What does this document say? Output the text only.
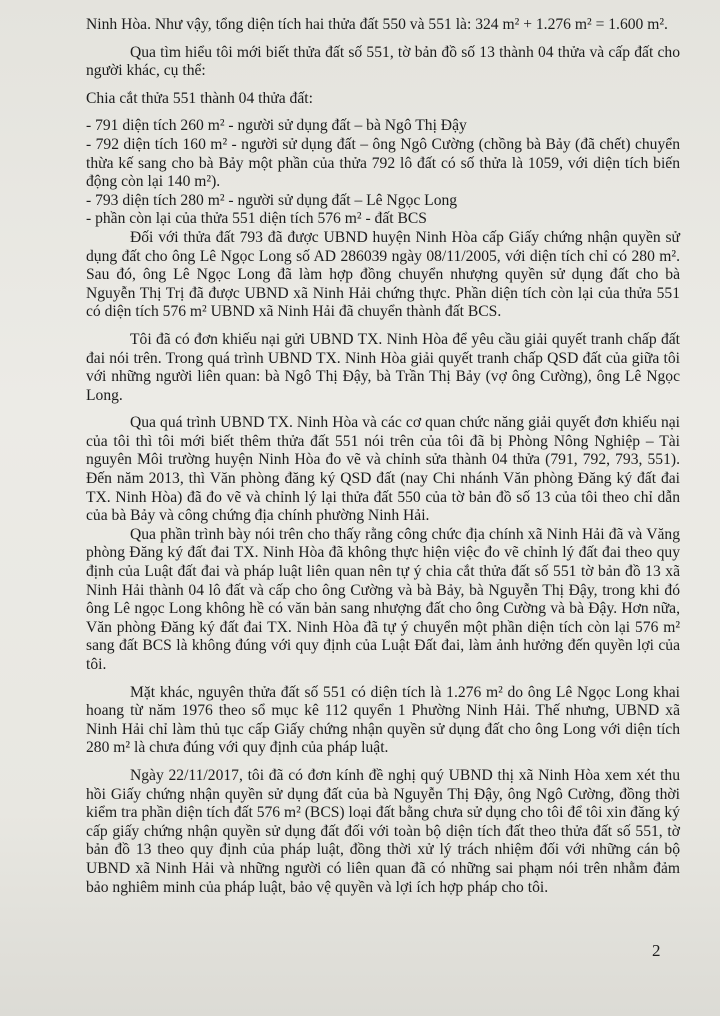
Ninh Hòa. Như vậy, tổng diện tích hai thửa đất 550 và 551 là: 324 m² + 1.276 m² = 1.600 m².

Qua tìm hiểu tôi mới biết thửa đất số 551, tờ bản đồ số 13 thành 04 thửa và cấp đất cho người khác, cụ thể:

Chia cắt thửa 551 thành 04 thửa đất:

- 791 diện tích 260 m² - người sử dụng đất – bà Ngô Thị Đậy

- 792 diện tích 160 m² - người sử dụng đất – ông Ngô Cường (chồng bà Bảy (đã chết) chuyển thừa kế sang cho bà Bảy một phần của thửa 792 lô đất có số thửa là 1059, với diện tích biến động còn lại 140 m²).

- 793 diện tích 280 m² - người sử dụng đất – Lê Ngọc Long

- phần còn lại của thửa 551 diện tích 576 m² - đất BCS

Đối với thửa đất 793 đã được UBND huyện Ninh Hòa cấp Giấy chứng nhận quyền sử dụng đất cho ông Lê Ngọc Long số AD 286039 ngày 08/11/2005, với diện tích chỉ có 280 m². Sau đó, ông Lê Ngọc Long đã làm hợp đồng chuyển nhượng quyền sử dụng đất cho bà Nguyễn Thị Trị đã được UBND xã Ninh Hải chứng thực. Phần diện tích còn lại của thửa 551 có diện tích 576 m² UBND xã Ninh Hải đã chuyển thành đất BCS.

Tôi đã có đơn khiếu nại gửi UBND TX. Ninh Hòa để yêu cầu giải quyết tranh chấp đất đai nói trên. Trong quá trình UBND TX. Ninh Hòa giải quyết tranh chấp QSD đất của giữa tôi với những người liên quan: bà Ngô Thị Đậy, bà Trần Thị Bảy (vợ ông Cường), ông Lê Ngọc Long.

Qua quá trình UBND TX. Ninh Hòa và các cơ quan chức năng giải quyết đơn khiếu nại của tôi thì tôi mới biết thêm thửa đất 551 nói trên của tôi đã bị Phòng Nông Nghiệp – Tài nguyên Môi trường huyện Ninh Hòa đo vẽ và chỉnh sửa thành 04 thửa (791, 792, 793, 551). Đến năm 2013, thì Văn phòng đăng ký QSD đất (nay Chi nhánh Văn phòng Đăng ký đất đai TX. Ninh Hòa) đã đo vẽ và chỉnh lý lại thửa đất 550 của tờ bản đồ số 13 của tôi theo chỉ dẫn của bà Bảy và công chứng địa chính phường Ninh Hải.

Qua phần trình bày nói trên cho thấy rằng công chức địa chính xã Ninh Hải đã và Văng phòng Đăng ký đất đai TX. Ninh Hòa đã không thực hiện việc đo vẽ chỉnh lý đất đai theo quy định của Luật đất đai và pháp luật liên quan nên tự ý chia cắt thửa đất số 551 tờ bản đồ 13 xã Ninh Hải thành 04 lô đất và cấp cho ông Cường và bà Bảy, bà Nguyễn Thị Đậy, trong khi đó ông Lê ngọc Long không hề có văn bản sang nhượng đất cho ông Cường và bà Đậy. Hơn nữa, Văn phòng Đăng ký đất đai TX. Ninh Hòa đã tự ý chuyển một phần diện tích còn lại 576 m² sang đất BCS là không đúng với quy định của Luật Đất đai, làm ảnh hưởng đến quyền lợi của tôi.

Mặt khác, nguyên thửa đất số 551 có diện tích là 1.276 m² do ông Lê Ngọc Long khai hoang từ năm 1976 theo sổ mục kê 112 quyển 1 Phường Ninh Hải. Thế nhưng, UBND xã Ninh Hải chỉ làm thủ tục cấp Giấy chứng nhận quyền sử dụng đất cho ông Long với diện tích 280 m² là chưa đúng với quy định của pháp luật.

Ngày 22/11/2017, tôi đã có đơn kính đề nghị quý UBND thị xã Ninh Hòa xem xét thu hồi Giấy chứng nhận quyền sử dụng đất của bà Nguyễn Thị Đậy, ông Ngô Cường, đồng thời kiểm tra phần diện tích đất 576 m² (BCS) loại đất bằng chưa sử dụng cho tôi để tôi xin đăng ký cấp giấy chứng nhận quyền sử dụng đất đối với toàn bộ diện tích đất theo thửa đất số 551, tờ bản đồ 13 theo quy định của pháp luật, đồng thời xử lý trách nhiệm đối với những cán bộ UBND xã Ninh Hải và những người có liên quan đã có những sai phạm nói trên nhằm đảm bảo nghiêm minh của pháp luật, bảo vệ quyền và lợi ích hợp pháp cho tôi.

2
